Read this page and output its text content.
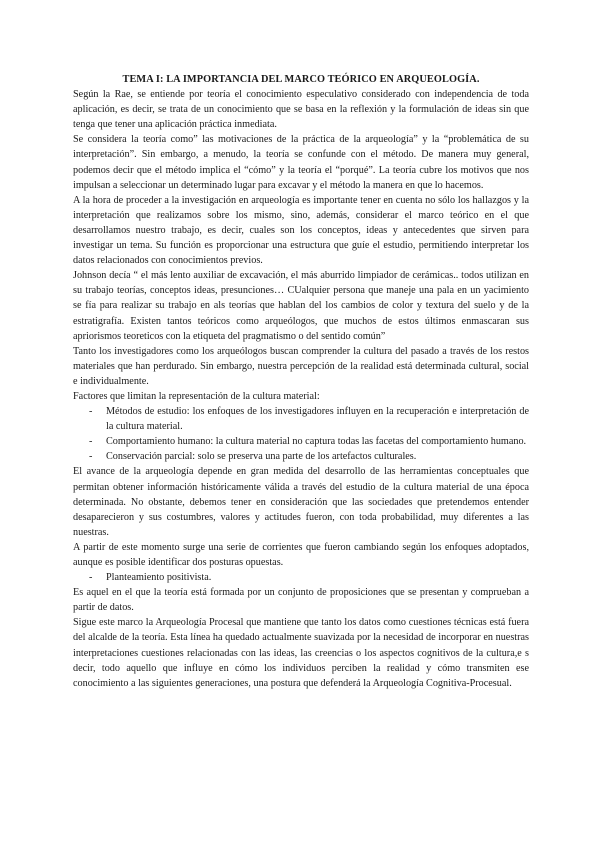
TEMA I: LA IMPORTANCIA DEL MARCO TEÓRICO EN ARQUEOLOGÍA.

Según la Rae, se entiende por teoría el conocimiento especulativo considerado con independencia de toda aplicación, es decir, se trata de un conocimiento que se basa en la reflexión y la formulación de ideas sin que tenga que tener una aplicación práctica inmediata.

Se considera la teoría como” las motivaciones de la práctica de la arqueología” y la “problemática de su interpretación”. Sin embargo, a menudo, la teoría se confunde con el método. De manera muy general, podemos decir que el método implica el “cómo” y la teoría el “porqué”. La teoría cubre los motivos que nos impulsan a seleccionar un determinado lugar para excavar y el método la manera en que lo hacemos.

A la hora de proceder a la investigación en arqueología es importante tener en cuenta no sólo los hallazgos y la interpretación que realizamos sobre los mismo, sino, además, considerar el marco teórico en el que desarrollamos nuestro trabajo, es decir, cuales son los conceptos, ideas y antecedentes que sirven para investigar un tema. Su función es proporcionar una estructura que guíe el estudio, permitiendo interpretar los datos relacionados con conocimientos previos.

Johnson decía “ el más lento auxiliar de excavación, el más aburrido limpiador de cerámicas.. todos utilizan en su trabajo teorías, conceptos ideas, presunciones… CUalquier persona que maneje una pala en un yacimiento se fía para realizar su trabajo en als teorías que hablan del los cambios de color y textura del suelo y de la estratigrafía. Existen tantos teóricos como arqueólogos, que muchos de estos últimos enmascaran sus apriorismos teoreticos con la etiqueta del pragmatismo o del sentido común”

Tanto los investigadores como los arqueólogos buscan comprender la cultura del pasado a través de los restos materiales que han perdurado. Sin embargo, nuestra percepción de la realidad está determinada cultural, social e individualmente.

Factores que limitan la representación de la cultura material:

- Métodos de estudio: los enfoques de los investigadores influyen en la recuperación e interpretación de la cultura material.
- Comportamiento humano: la cultura material no captura todas las facetas del comportamiento humano.
- Conservación parcial: solo se preserva una parte de los artefactos culturales.

El avance de la arqueología depende en gran medida del desarrollo de las herramientas conceptuales que permitan obtener información históricamente válida a través del estudio de la cultura material de una época determinada. No obstante, debemos tener en consideración que las sociedades que pretendemos entender desaparecieron y sus costumbres, valores y actitudes fueron, con toda probabilidad, muy diferentes a las nuestras.

A partir de este momento surge una serie de corrientes que fueron cambiando según los enfoques adoptados, aunque es posible identificar dos posturas opuestas.

- Planteamiento positivista.

Es aquel en el que la teoría está formada por un conjunto de proposiciones que se presentan y comprueban a partir de datos.

Sigue este marco la Arqueología Procesal que mantiene que tanto los datos como cuestiones técnicas está fuera del alcalde de la teoría. Esta línea ha quedado actualmente suavizada por la necesidad de incorporar en nuestras interpretaciones cuestiones relacionadas con las ideas, las creencias o los aspectos cognitivos de la cultura,e s decir, todo aquello que influye en cómo los individuos perciben la realidad y cómo transmiten ese conocimiento a las siguientes generaciones, una postura que defenderá la Arqueología Cognitiva-Procesual.
